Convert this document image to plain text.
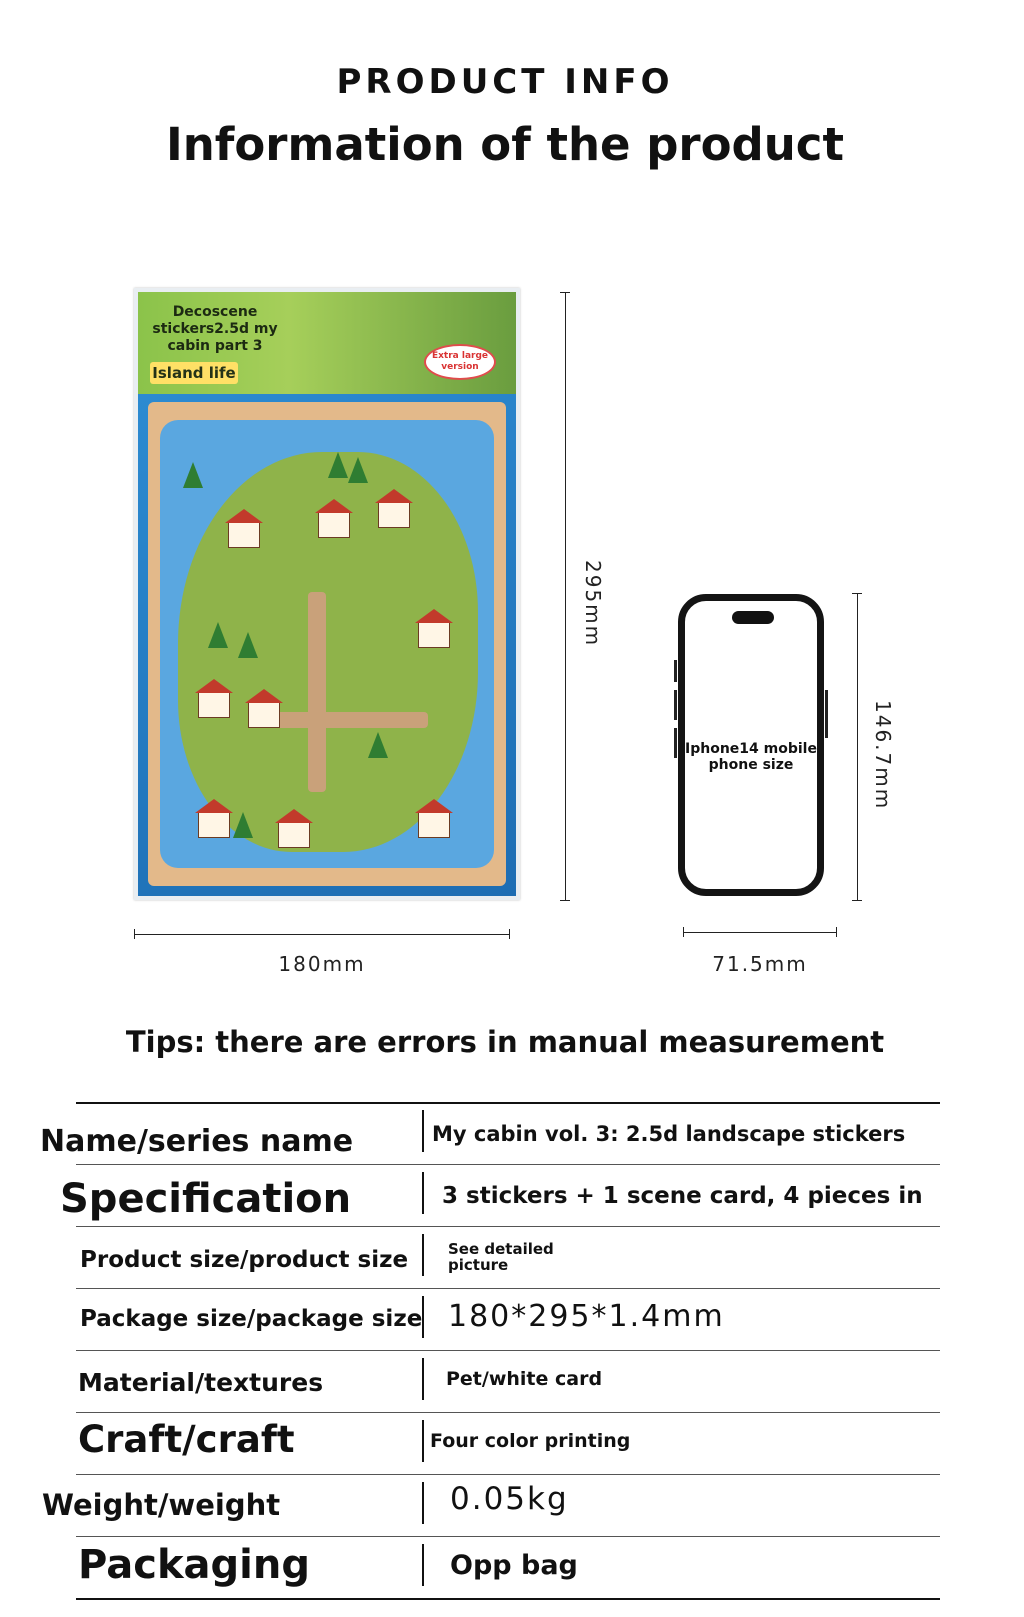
PRODUCT INFO
Information of the product
Decoscene stickers2.5d my cabin part 3
Island life
Extra large version
295mm
180mm
Iphone14 mobile phone size	146.7mm
71.5mm
Tips: there are errors in manual measurement
Name/series name	My cabin vol. 3: 2.5d landscape stickers
Specification	3 stickers + 1 scene card, 4 pieces in
Product size/product size	See detailed picture
Package size/package size 180*295*1.4mm
Material/textures	Pet/white card
Craft/craft	Four color printing
Weight/weight	0.05kg
Packaging	Opp bag
